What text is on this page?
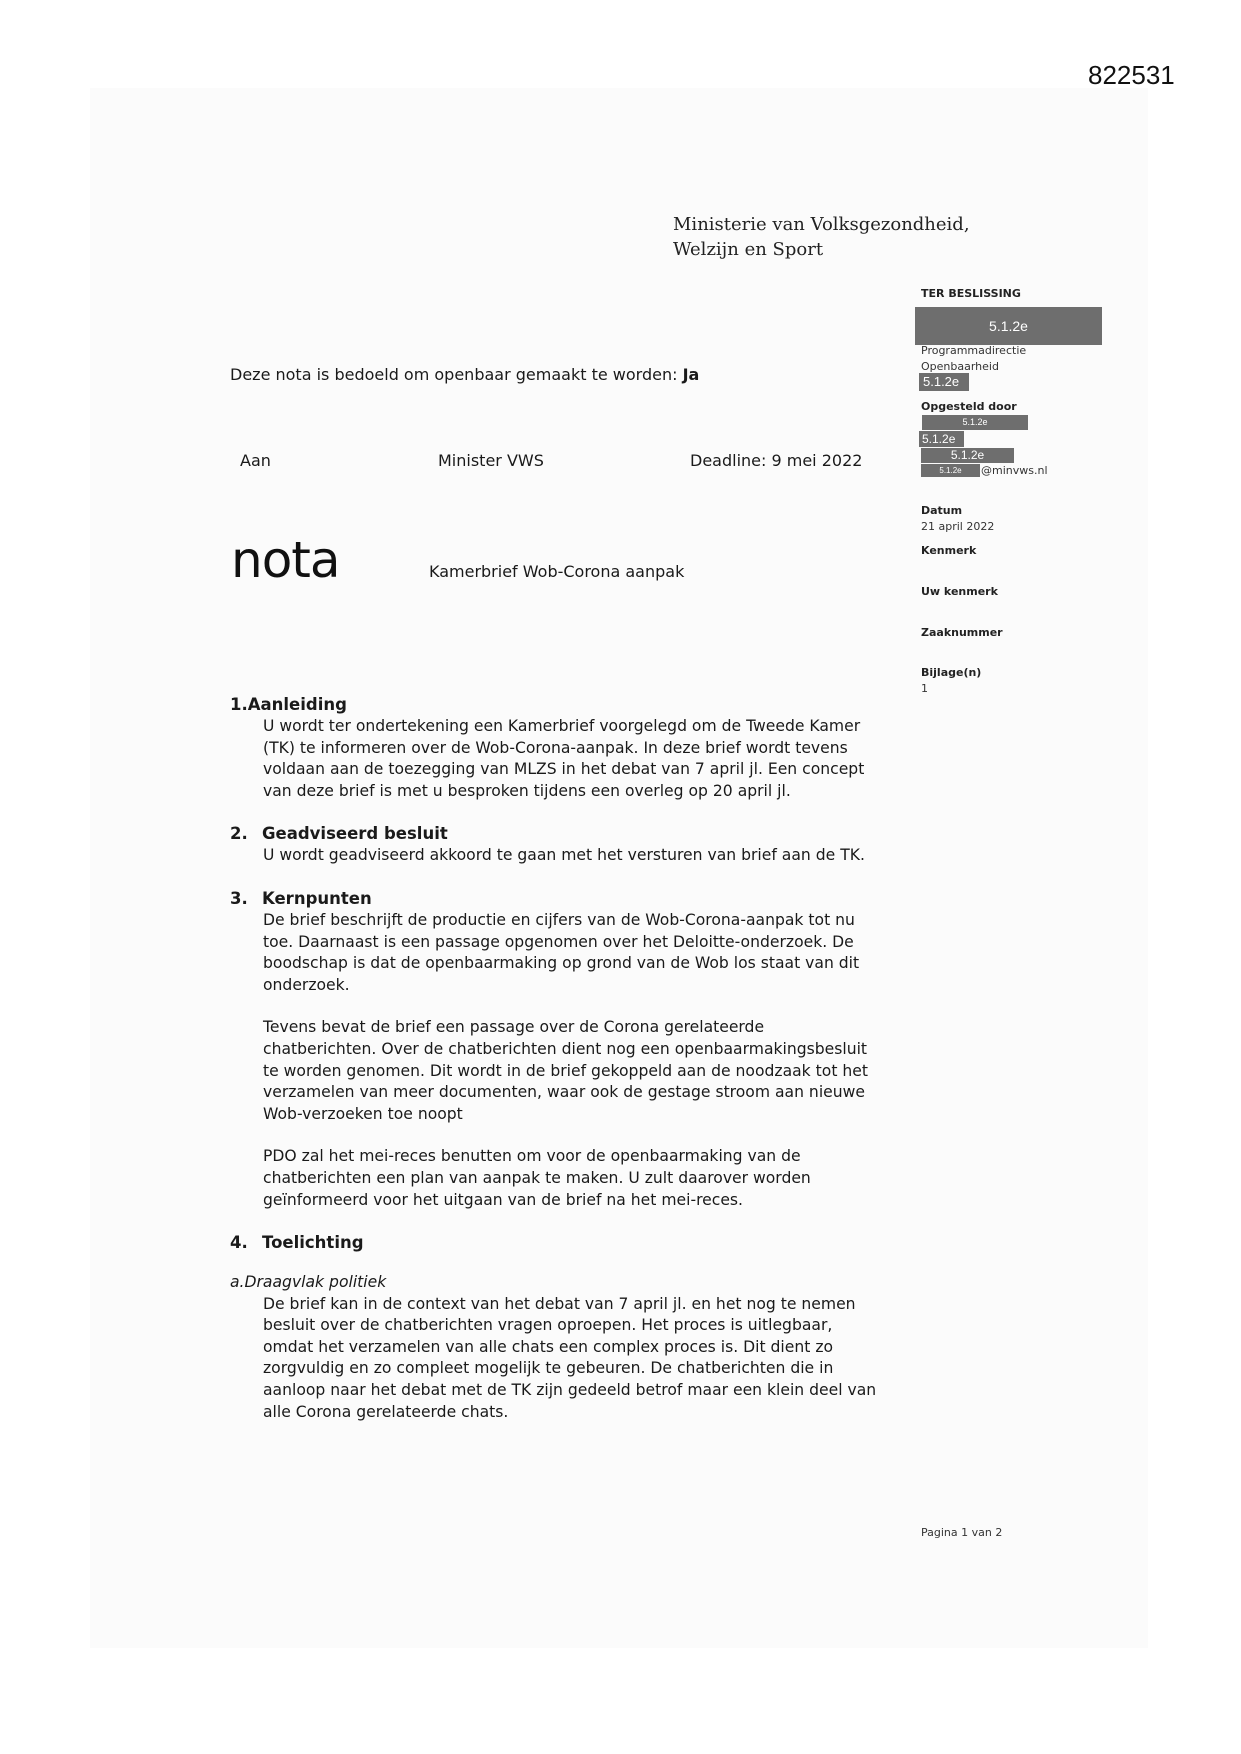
822531
Ministerie van Volksgezondheid,
Welzijn en Sport
TER BESLISSING
5.1.2e
Programmadirectie
Openbaarheid
5.1.2e
Opgesteld door
5.1.2e
5.1.2e
5.1.2e
5.1.2e	@minvws.nl
Datum
21 april 2022
Kenmerk
Uw kenmerk
Zaaknummer
Bijlage(n)
1
Deze nota is bedoeld om openbaar gemaakt te worden: Ja
Aan	Minister VWS	Deadline: 9 mei 2022
nota	Kamerbrief Wob-Corona aanpak
1.Aanleiding
U wordt ter ondertekening een Kamerbrief voorgelegd om de Tweede Kamer
(TK) te informeren over de Wob-Corona-aanpak. In deze brief wordt tevens
voldaan aan de toezegging van MLZS in het debat van 7 april jl. Een concept
van deze brief is met u besproken tijdens een overleg op 20 april jl.
2. Geadviseerd besluit
U wordt geadviseerd akkoord te gaan met het versturen van brief aan de TK.
3. Kernpunten
De brief beschrijft de productie en cijfers van de Wob-Corona-aanpak tot nu
toe. Daarnaast is een passage opgenomen over het Deloitte-onderzoek. De
boodschap is dat de openbaarmaking op grond van de Wob los staat van dit
onderzoek.
Tevens bevat de brief een passage over de Corona gerelateerde
chatberichten. Over de chatberichten dient nog een openbaarmakingsbesluit
te worden genomen. Dit wordt in de brief gekoppeld aan de noodzaak tot het
verzamelen van meer documenten, waar ook de gestage stroom aan nieuwe
Wob-verzoeken toe noopt
PDO zal het mei-reces benutten om voor de openbaarmaking van de
chatberichten een plan van aanpak te maken. U zult daarover worden
geïnformeerd voor het uitgaan van de brief na het mei-reces.
4. Toelichting
a.Draagvlak politiek
De brief kan in de context van het debat van 7 april jl. en het nog te nemen
besluit over de chatberichten vragen oproepen. Het proces is uitlegbaar,
omdat het verzamelen van alle chats een complex proces is. Dit dient zo
zorgvuldig en zo compleet mogelijk te gebeuren. De chatberichten die in
aanloop naar het debat met de TK zijn gedeeld betrof maar een klein deel van
alle Corona gerelateerde chats.
Pagina 1 van 2
